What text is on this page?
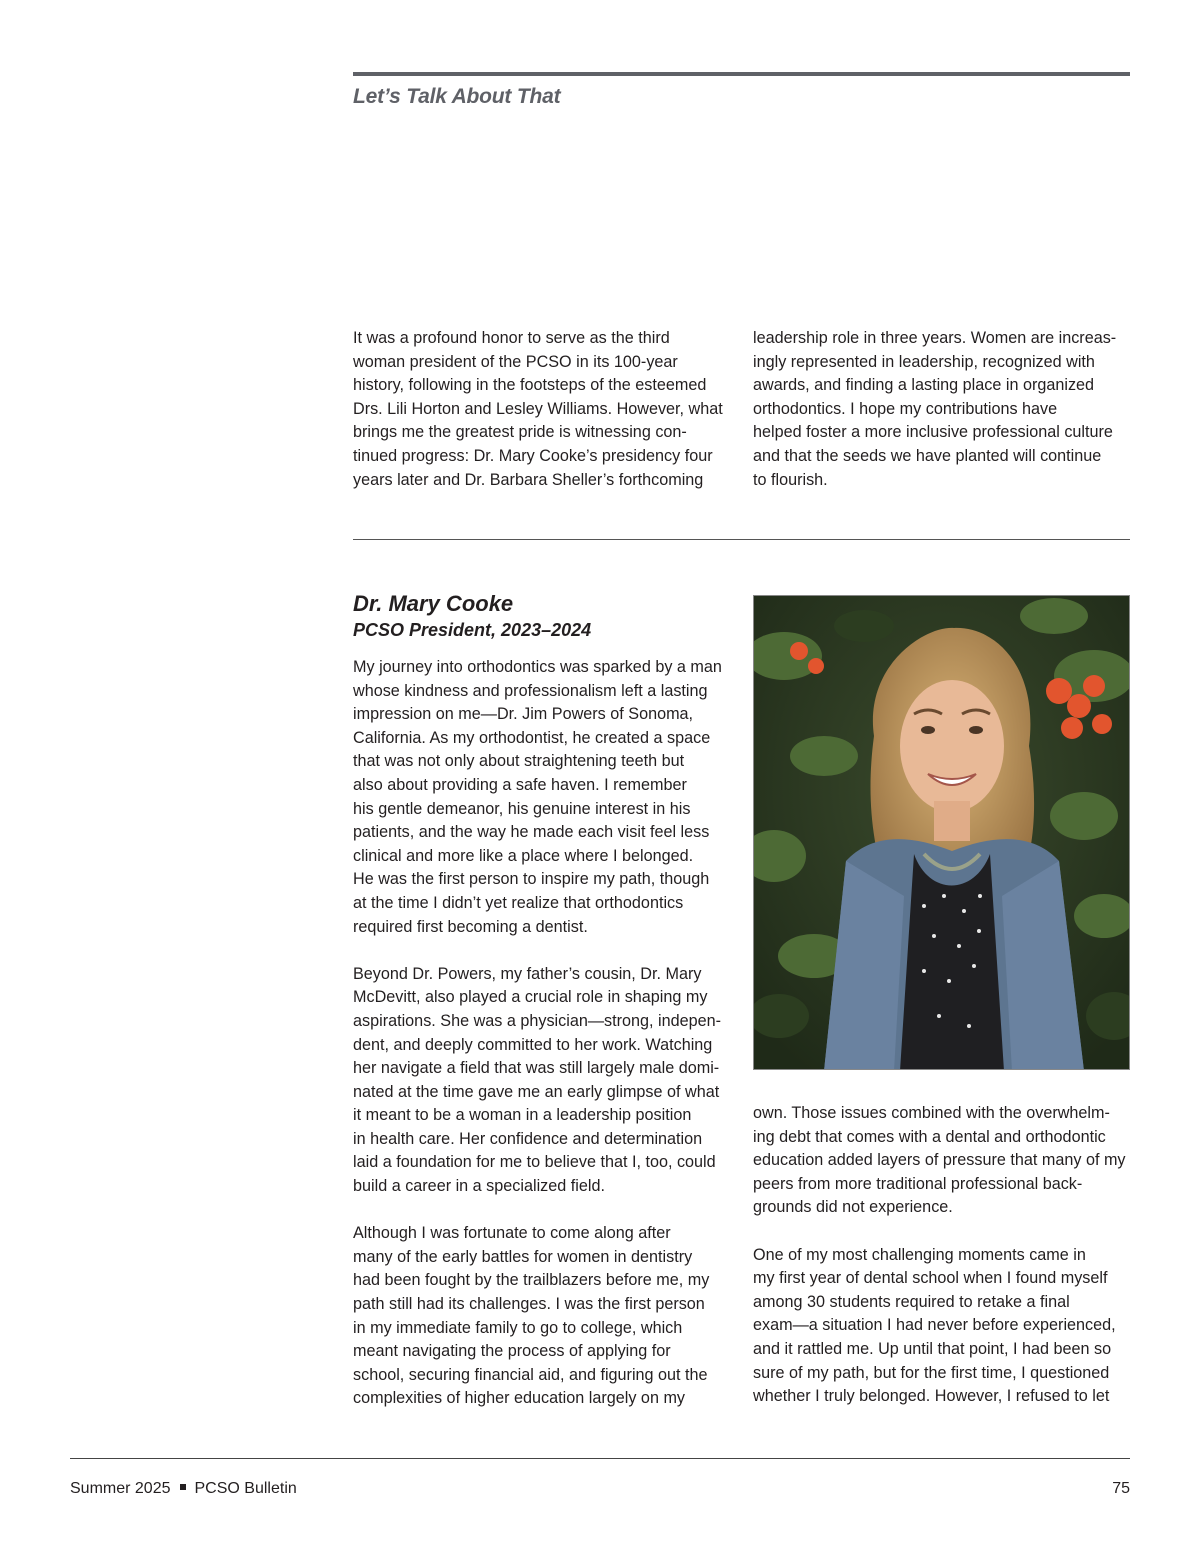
Let’s Talk About That

It was a profound honor to serve as the third
woman president of the PCSO in its 100-year
history, following in the footsteps of the esteemed
Drs. Lili Horton and Lesley Williams. However, what
brings me the greatest pride is witnessing con-
tinued progress: Dr. Mary Cooke’s presidency four
years later and Dr. Barbara Sheller’s forthcoming

leadership role in three years. Women are increas-
ingly represented in leadership, recognized with
awards, and finding a lasting place in organized
orthodontics. I hope my contributions have
helped foster a more inclusive professional culture
and that the seeds we have planted will continue
to flourish.

Dr. Mary Cooke
PCSO President, 2023–2024

My journey into orthodontics was sparked by a man
whose kindness and professionalism left a lasting
impression on me—Dr. Jim Powers of Sonoma,
California. As my orthodontist, he created a space
that was not only about straightening teeth but
also about providing a safe haven. I remember
his gentle demeanor, his genuine interest in his
patients, and the way he made each visit feel less
clinical and more like a place where I belonged.
He was the first person to inspire my path, though
at the time I didn’t yet realize that orthodontics
required first becoming a dentist.

Beyond Dr. Powers, my father’s cousin, Dr. Mary
McDevitt, also played a crucial role in shaping my
aspirations. She was a physician—strong, indepen-
dent, and deeply committed to her work. Watching
her navigate a field that was still largely male domi-
nated at the time gave me an early glimpse of what
it meant to be a woman in a leadership position
in health care. Her confidence and determination
laid a foundation for me to believe that I, too, could
build a career in a specialized field.

Although I was fortunate to come along after
many of the early battles for women in dentistry
had been fought by the trailblazers before me, my
path still had its challenges. I was the first person
in my immediate family to go to college, which
meant navigating the process of applying for
school, securing financial aid, and figuring out the
complexities of higher education largely on my

own. Those issues combined with the overwhelm-
ing debt that comes with a dental and orthodontic
education added layers of pressure that many of my
peers from more traditional professional back-
grounds did not experience.

One of my most challenging moments came in
my first year of dental school when I found myself
among 30 students required to retake a final
exam—a situation I had never before experienced,
and it rattled me. Up until that point, I had been so
sure of my path, but for the first time, I questioned
whether I truly belonged. However, I refused to let

Summer 2025 PCSO Bulletin	75
